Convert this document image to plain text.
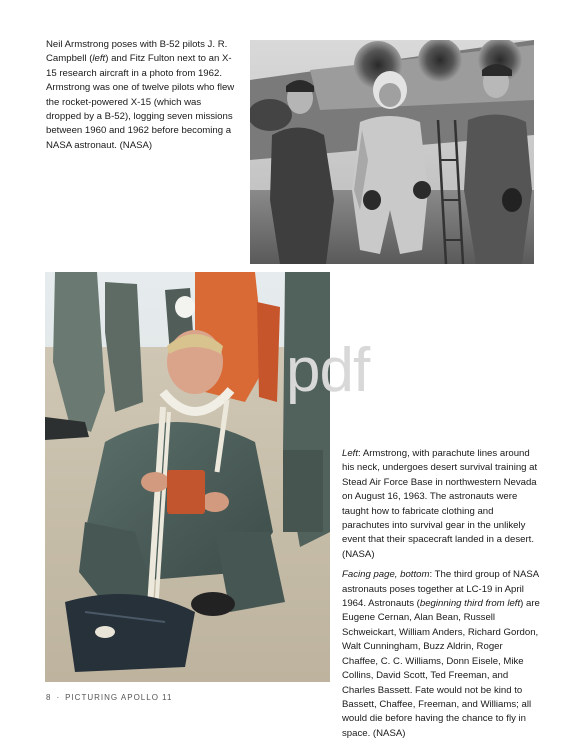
Neil Armstrong poses with B-52 pilots J. R. Campbell (left) and Fitz Fulton next to an X-15 research aircraft in a photo from 1962. Armstrong was one of twelve pilots who flew the rocket-powered X-15 (which was dropped by a B-52), logging seven missions between 1960 and 1962 before becoming a NASA astronaut. (NASA)

pdf

Left: Armstrong, with parachute lines around his neck, undergoes desert survival training at Stead Air Force Base in northwestern Nevada on August 16, 1963. The astronauts were taught how to fabricate clothing and parachutes into survival gear in the unlikely event that their spacecraft landed in a desert. (NASA)

Facing page, bottom: The third group of NASA astronauts poses together at LC-19 in April 1964. Astronauts (beginning third from left) are Eugene Cernan, Alan Bean, Russell Schweickart, William Anders, Richard Gordon, Walt Cunningham, Buzz Aldrin, Roger Chaffee, C. C. Williams, Donn Eisele, Mike Collins, David Scott, Ted Freeman, and Charles Bassett. Fate would not be kind to Bassett, Chaffee, Freeman, and Williams; all would die before having the chance to fly in space. (NASA)

8 · PICTURING APOLLO 11
